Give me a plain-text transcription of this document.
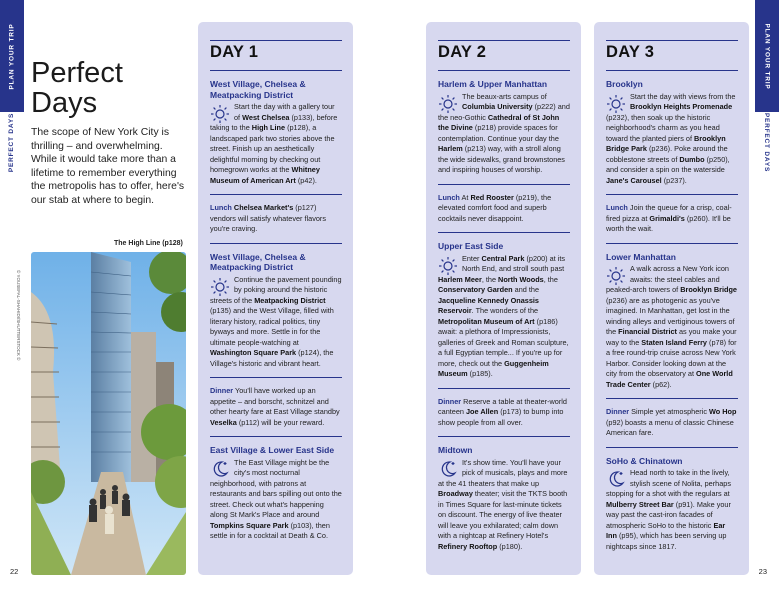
PLAN YOUR TRIP
PERFECT DAYS
PLAN YOUR TRIP
PERFECT DAYS
Perfect Days

The scope of New York City is thrilling – and overwhelming. While it would take more than a lifetime to remember everything the metropolis has to offer, here's our stab at where to begin.

The High Line (p128)
© YOUSEFAL-SHAHIDI/SHUTTERSTOCK ©
22	23
DAY 1
West Village, Chelsea & Meatpacking District

Start the day with a gallery tour of West Chelsea (p133), before taking to the High Line (p128), a landscaped park two stories above the street. Finish up an aesthetically delightful morning by checking out homegrown works at the Whitney Museum of American Art (p42).

Lunch Chelsea Market's (p127) vendors will satisfy whatever flavors you're craving.

West Village, Chelsea & Meatpacking District

Continue the pavement pounding by poking around the historic streets of the Meatpacking District (p135) and the West Village, filled with literary history, radical politics, tiny byways and more. Settle in for the ultimate people-watching at Washington Square Park (p124), the Village's historic and vibrant heart.

Dinner You'll have worked up an appetite – and borscht, schnitzel and other hearty fare at East Village standby Veselka (p112) will be your reward.

East Village & Lower East Side

The East Village might be the city's most nocturnal neighborhood, with patrons at restaurants and bars spilling out onto the street. Check out what's happening along St Mark's Place and around Tompkins Square Park (p103), then settle in for a cocktail at Death & Co.

DAY 2
Harlem & Upper Manhattan

The beaux-arts campus of Columbia University (p222) and the neo-Gothic Cathedral of St John the Divine (p218) provide spaces for contemplation. Continue your day the Harlem (p213) way, with a stroll along the wide sidewalks, grand brownstones and inspiring houses of worship.

Lunch At Red Rooster (p219), the elevated comfort food and superb cocktails never disappoint.

Upper East Side

Enter Central Park (p200) at its North End, and stroll south past Harlem Meer, the North Woods, the Conservatory Garden and the Jacqueline Kennedy Onassis Reservoir. The wonders of the Metropolitan Museum of Art (p186) await: a plethora of Impressionists, galleries of Greek and Roman sculpture, a full Egyptian temple... If you're up for more, check out the Guggenheim Museum (p185).

Dinner Reserve a table at theater-world canteen Joe Allen (p173) to bump into show people from all over.

Midtown

It's show time. You'll have your pick of musicals, plays and more at the 41 theaters that make up Broadway theater; visit the TKTS booth in Times Square for last-minute tickets on discount. The energy of live theater will leave you exhilarated; calm down with a nightcap at Refinery Hotel's Refinery Rooftop (p180).

DAY 3
Brooklyn

Start the day with views from the Brooklyn Heights Promenade (p232), then soak up the historic neighborhood's charm as you head toward the planted piers of Brooklyn Bridge Park (p236). Poke around the cobblestone streets of Dumbo (p250), and consider a spin on the waterside Jane's Carousel (p237).

Lunch Join the queue for a crisp, coal-fired pizza at Grimaldi's (p260). It'll be worth the wait.

Lower Manhattan

A walk across a New York icon awaits: the steel cables and peaked-arch towers of Brooklyn Bridge (p236) are as photogenic as you've imagined. In Manhattan, get lost in the winding alleys and vertiginous towers of the Financial District as you make your way to the Staten Island Ferry (p78) for a free round-trip cruise across New York Harbor. Consider looking down at the city from the observatory at One World Trade Center (p62).

Dinner Simple yet atmospheric Wo Hop (p92) boasts a menu of classic Chinese American fare.

SoHo & Chinatown

Head north to take in the lively, stylish scene of Nolita, perhaps stopping for a shot with the regulars at Mulberry Street Bar (p91). Make your way past the cast-iron facades of atmospheric SoHo to the historic Ear Inn (p95), which has been serving up nightcaps since 1817.
